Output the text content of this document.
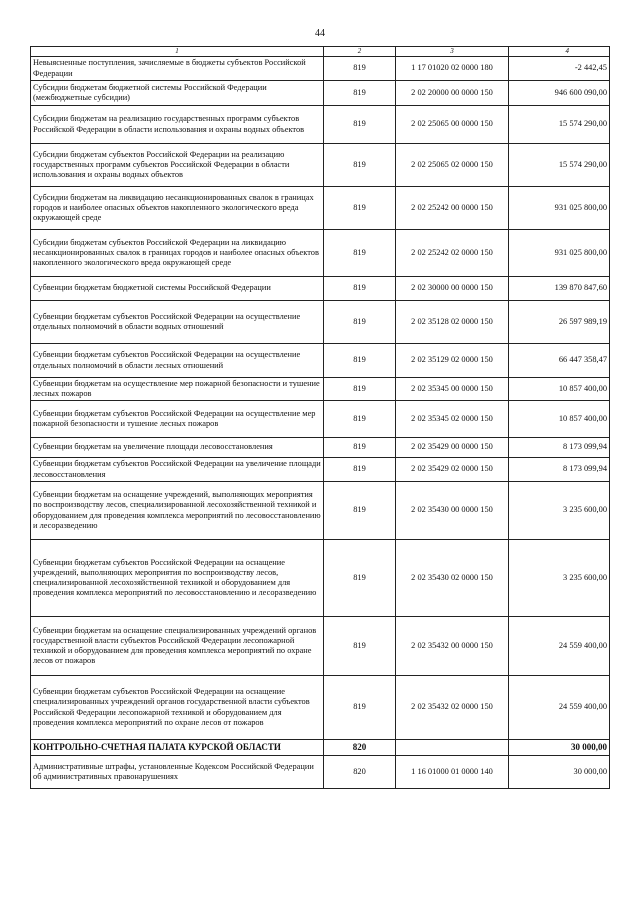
44
1	2	3	4
Невыясненные поступления, зачисляемые в бюджеты субъектов Российской Федерации	819	1 17 01020 02 0000 180	-2 442,45
Субсидии бюджетам бюджетной системы Российской Федерации (межбюджетные субсидии)	819	2 02 20000 00 0000 150	946 600 090,00
Субсидии бюджетам на реализацию государственных программ субъектов Российской Федерации в области использования и охраны водных объектов	819	2 02 25065 00 0000 150	15 574 290,00
Субсидии бюджетам субъектов Российской Федерации на реализацию государственных программ субъектов Российской Федерации в области использования и охраны водных объектов	819	2 02 25065 02 0000 150	15 574 290,00
Субсидии бюджетам на ликвидацию несанкционированных свалок в границах городов и наиболее опасных объектов накопленного экологического вреда окружающей среде	819	2 02 25242 00 0000 150	931 025 800,00
Субсидии бюджетам субъектов Российской Федерации на ликвидацию несанкционированных свалок в границах городов и наиболее опасных объектов накопленного экологического вреда окружающей среде	819	2 02 25242 02 0000 150	931 025 800,00
Субвенции бюджетам бюджетной системы Российской Федерации	819	2 02 30000 00 0000 150	139 870 847,60
Субвенции бюджетам субъектов Российской Федерации на осуществление отдельных полномочий в области водных отношений	819	2 02 35128 02 0000 150	26 597 989,19
Субвенции бюджетам субъектов Российской Федерации на осуществление отдельных полномочий в области лесных отношений	819	2 02 35129 02 0000 150	66 447 358,47
Субвенции бюджетам на осуществление мер пожарной безопасности и тушение лесных пожаров	819	2 02 35345 00 0000 150	10 857 400,00
Субвенции бюджетам субъектов Российской Федерации на осуществление мер пожарной безопасности и тушение лесных пожаров	819	2 02 35345 02 0000 150	10 857 400,00
Субвенции бюджетам на увеличение площади лесовосстановления	819	2 02 35429 00 0000 150	8 173 099,94
Субвенции бюджетам субъектов Российской Федерации на увеличение площади лесовосстановления	819	2 02 35429 02 0000 150	8 173 099,94
Субвенции бюджетам на оснащение учреждений, выполняющих мероприятия по воспроизводству лесов, специализированной лесохозяйственной техникой и оборудованием для проведения комплекса мероприятий по лесовосстановлению и лесоразведению	819	2 02 35430 00 0000 150	3 235 600,00
Субвенции бюджетам субъектов Российской Федерации на оснащение учреждений, выполняющих мероприятия по воспроизводству лесов, специализированной лесохозяйственной техникой и оборудованием для проведения комплекса мероприятий по лесовосстановлению и лесоразведению	819	2 02 35430 02 0000 150	3 235 600,00
Субвенции бюджетам на оснащение специализированных учреждений органов государственной власти субъектов Российской Федерации лесопожарной техникой и оборудованием для проведения комплекса мероприятий по охране лесов от пожаров	819	2 02 35432 00 0000 150	24 559 400,00
Субвенции бюджетам субъектов Российской Федерации на оснащение специализированных учреждений органов государственной власти субъектов Российской Федерации лесопожарной техникой и оборудованием для проведения комплекса мероприятий по охране лесов от пожаров	819	2 02 35432 02 0000 150	24 559 400,00
КОНТРОЛЬНО-СЧЕТНАЯ ПАЛАТА КУРСКОЙ ОБЛАСТИ	820		30 000,00
Административные штрафы, установленные Кодексом Российской Федерации об административных правонарушениях	820	1 16 01000 01 0000 140	30 000,00
